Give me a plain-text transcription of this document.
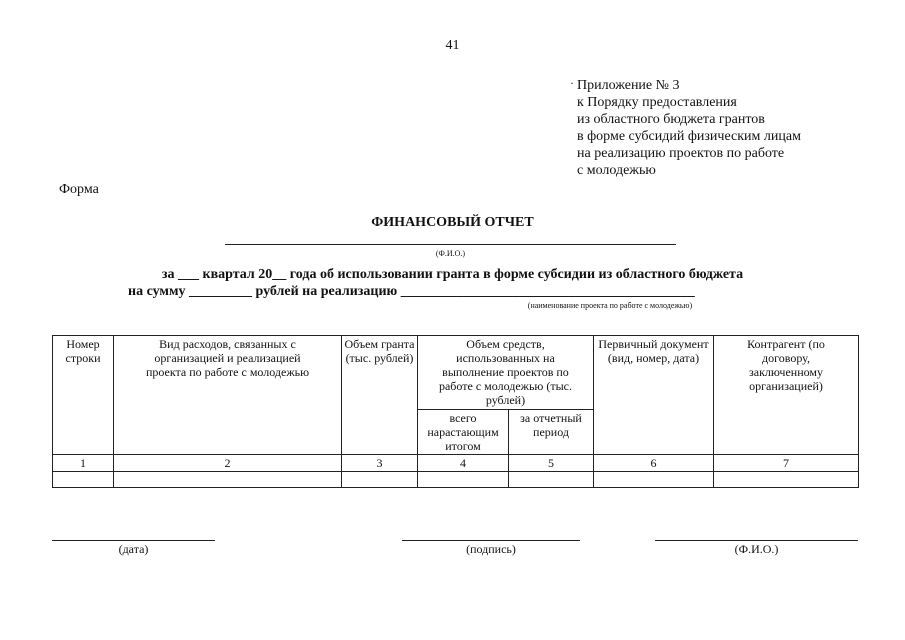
41
· Приложение № 3
к Порядку предоставления
из областного бюджета грантов
в форме субсидий физическим лицам
на реализацию проектов по работе
с молодежью
Форма
ФИНАНСОВЫЙ ОТЧЕТ
(Ф.И.О.)
за ___ квартал 20__ года об использовании гранта в форме субсидии из областного бюджета
на сумму _________ рублей на реализацию __________________________________________
(наименование проекта по работе с молодежью)
Номер строки	Вид расходов, связанных с организацией и реализацией проекта по работе с молодежью	Объем гранта (тыс. рублей)	Объем средств, использованных на выполнение проектов по работе с молодежью (тыс. рублей)		Первичный документ (вид, номер, дата)	Контрагент (по договору, заключенному организацией)
			всего нарастающим итогом	за отчетный период		
1	2	3	4	5	6	7

(дата)	(подпись)	(Ф.И.О.)
